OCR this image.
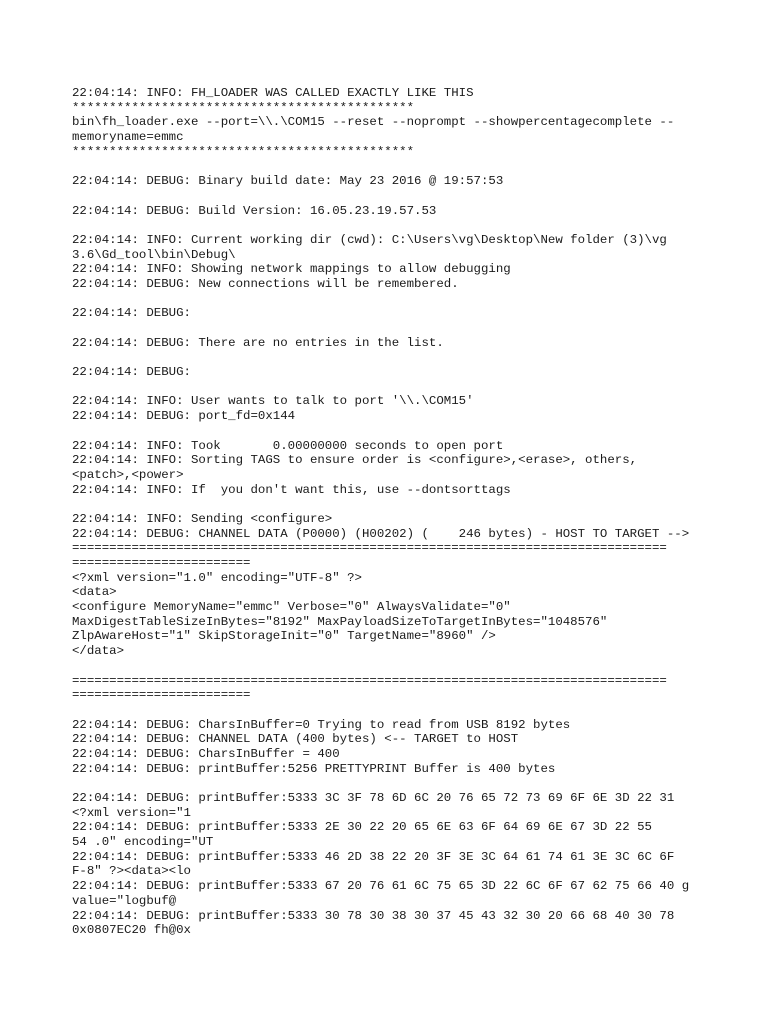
22:04:14: INFO: FH_LOADER WAS CALLED EXACTLY LIKE THIS
**********************************************
bin\fh_loader.exe --port=\\.\COM15 --reset --noprompt --showpercentagecomplete --
memoryname=emmc
**********************************************
22:04:14: DEBUG: Binary build date: May 23 2016 @ 19:57:53
22:04:14: DEBUG: Build Version: 16.05.23.19.57.53
22:04:14: INFO: Current working dir (cwd): C:\Users\vg\Desktop\New folder (3)\vg
3.6\Gd_tool\bin\Debug\
22:04:14: INFO: Showing network mappings to allow debugging
22:04:14: DEBUG: New connections will be remembered.
22:04:14: DEBUG:
22:04:14: DEBUG: There are no entries in the list.
22:04:14: DEBUG:
22:04:14: INFO: User wants to talk to port '\\.\COM15'
22:04:14: DEBUG: port_fd=0x144
22:04:14: INFO: Took       0.00000000 seconds to open port
22:04:14: INFO: Sorting TAGS to ensure order is <configure>,<erase>, others,
<patch>,<power>
22:04:14: INFO: If  you don't want this, use --dontsorttags
22:04:14: INFO: Sending <configure>
22:04:14: DEBUG: CHANNEL DATA (P0000) (H00202) (    246 bytes) - HOST TO TARGET -->
================================================================================
========================
<?xml version="1.0" encoding="UTF-8" ?>
<data>
<configure MemoryName="emmc" Verbose="0" AlwaysValidate="0"
MaxDigestTableSizeInBytes="8192" MaxPayloadSizeToTargetInBytes="1048576"
ZlpAwareHost="1" SkipStorageInit="0" TargetName="8960" />
</data>
================================================================================
========================
22:04:14: DEBUG: CharsInBuffer=0 Trying to read from USB 8192 bytes
22:04:14: DEBUG: CHANNEL DATA (400 bytes) <-- TARGET to HOST
22:04:14: DEBUG: CharsInBuffer = 400
22:04:14: DEBUG: printBuffer:5256 PRETTYPRINT Buffer is 400 bytes
22:04:14: DEBUG: printBuffer:5333 3C 3F 78 6D 6C 20 76 65 72 73 69 6F 6E 3D 22 31
<?xml version="1
22:04:14: DEBUG: printBuffer:5333 2E 30 22 20 65 6E 63 6F 64 69 6E 67 3D 22 55
54 .0" encoding="UT
22:04:14: DEBUG: printBuffer:5333 46 2D 38 22 20 3F 3E 3C 64 61 74 61 3E 3C 6C 6F
F-8" ?><data><lo
22:04:14: DEBUG: printBuffer:5333 67 20 76 61 6C 75 65 3D 22 6C 6F 67 62 75 66 40 g
value="logbuf@
22:04:14: DEBUG: printBuffer:5333 30 78 30 38 30 37 45 43 32 30 20 66 68 40 30 78
0x0807EC20 fh@0x
